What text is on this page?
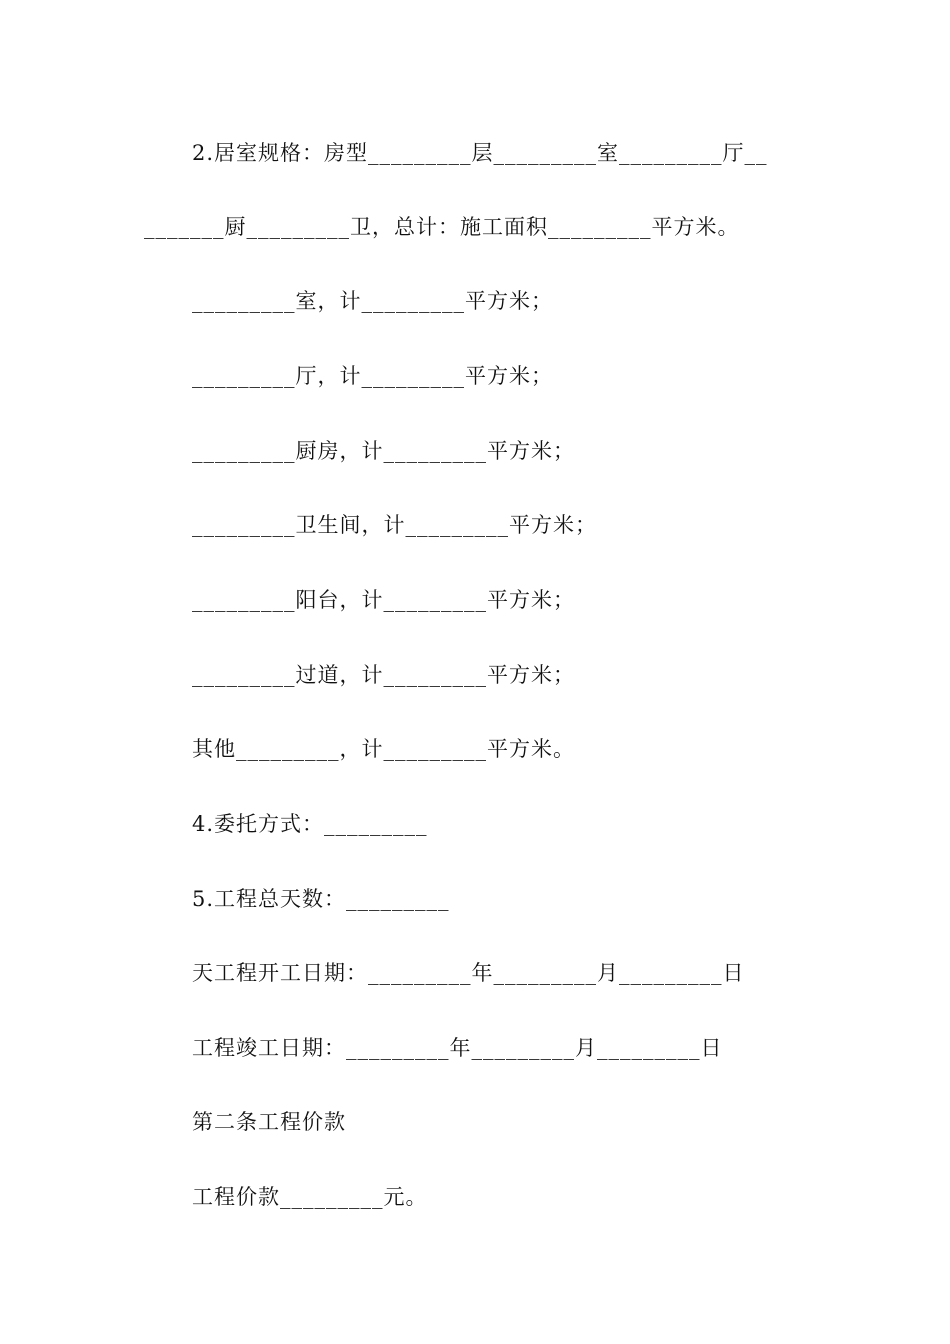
2.居室规格：房型_________层_________室_________厅__
_______厨_________卫，总计：施工面积_________平方米。
_________室，计_________平方米；
_________厅，计_________平方米；
_________厨房，计_________平方米；
_________卫生间，计_________平方米；
_________阳台，计_________平方米；
_________过道，计_________平方米；
其他_________，计_________平方米。
4.委托方式：_________
5.工程总天数：_________
天工程开工日期：_________年_________月_________日
工程竣工日期：_________年_________月_________日
第二条工程价款
工程价款_________元。
